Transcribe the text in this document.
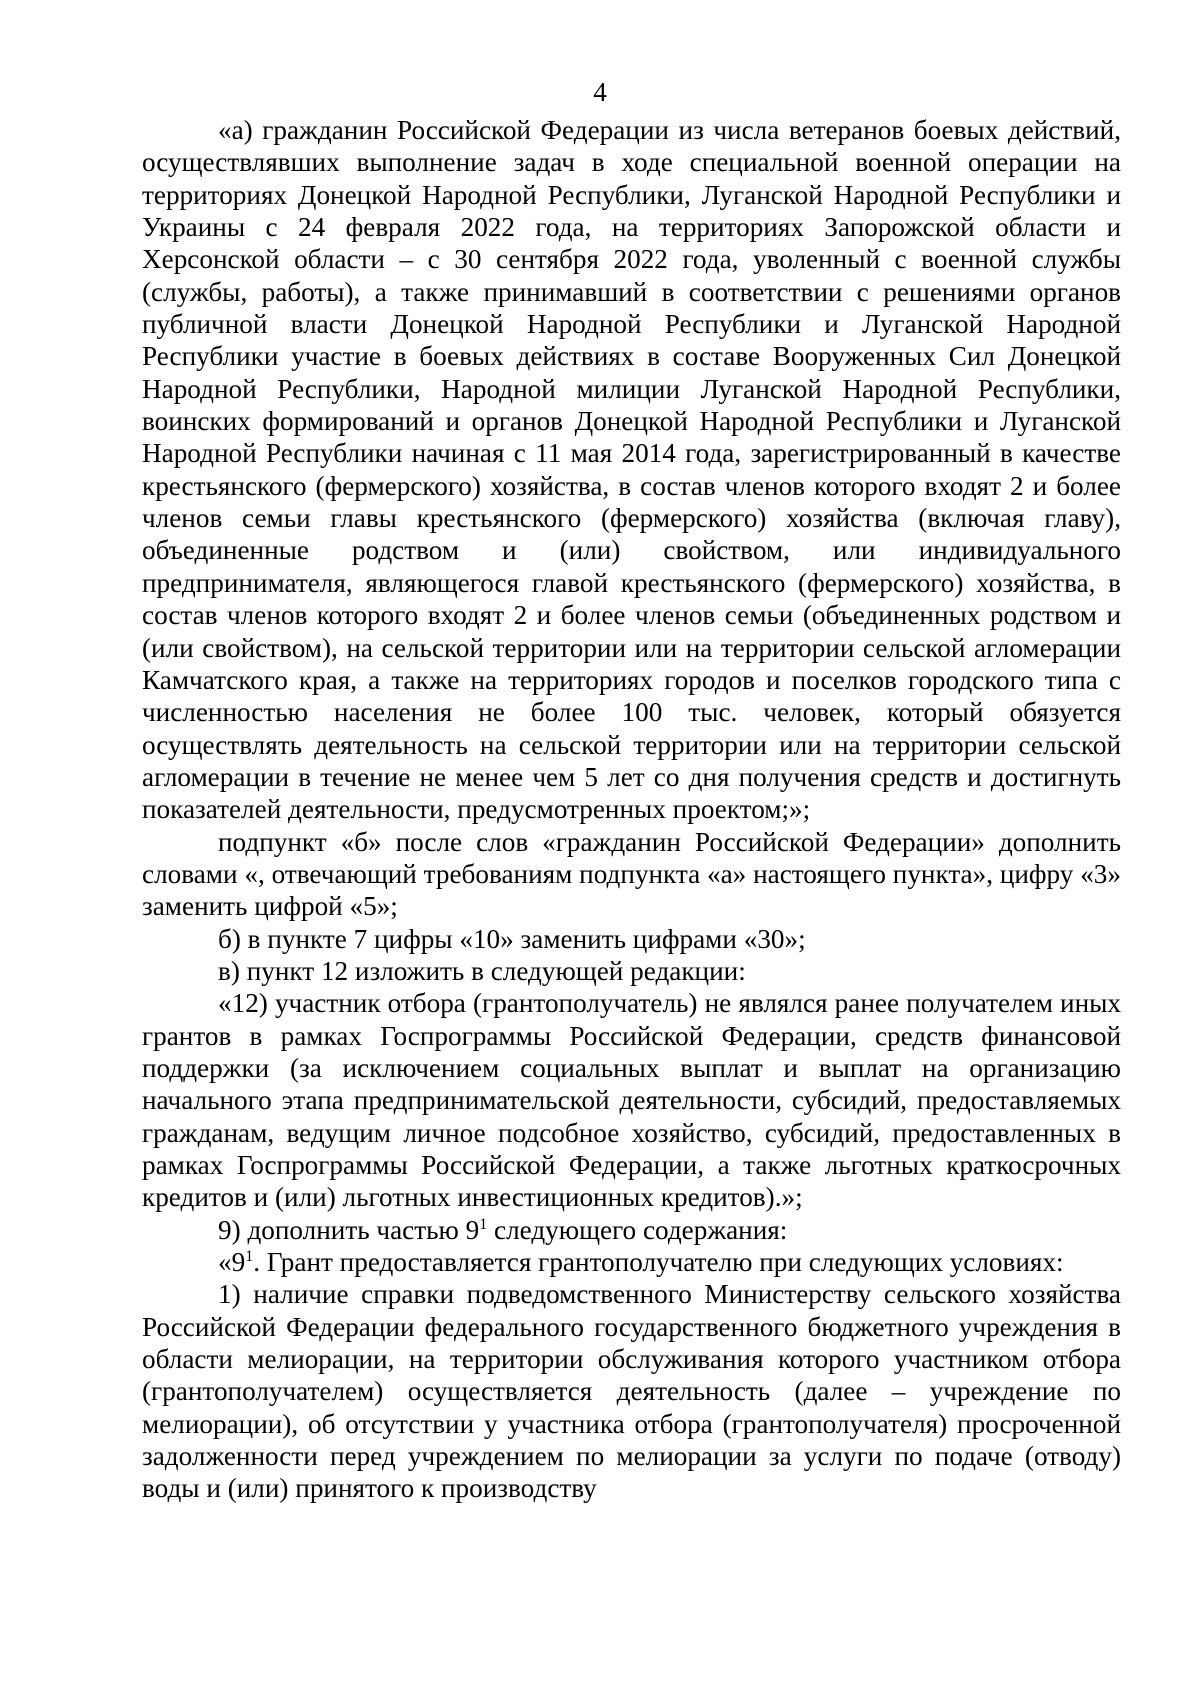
4

«а) гражданин Российской Федерации из числа ветеранов боевых действий, осуществлявших выполнение задач в ходе специальной военной операции на территориях Донецкой Народной Республики, Луганской Народной Республики и Украины с 24 февраля 2022 года, на территориях Запорожской области и Херсонской области – с 30 сентября 2022 года, уволенный с военной службы (службы, работы), а также принимавший в соответствии с решениями органов публичной власти Донецкой Народной Республики и Луганской Народной Республики участие в боевых действиях в составе Вооруженных Сил Донецкой Народной Республики, Народной милиции Луганской Народной Республики, воинских формирований и органов Донецкой Народной Республики и Луганской Народной Республики начиная с 11 мая 2014 года, зарегистрированный в качестве крестьянского (фермерского) хозяйства, в состав членов которого входят 2 и более членов семьи главы крестьянского (фермерского) хозяйства (включая главу), объединенные родством и (или) свойством, или индивидуального предпринимателя, являющегося главой крестьянского (фермерского) хозяйства, в состав членов которого входят 2 и более членов семьи (объединенных родством и (или свойством), на сельской территории или на территории сельской агломерации Камчатского края, а также на территориях городов и поселков городского типа с численностью населения не более 100 тыс. человек, который обязуется осуществлять деятельность на сельской территории или на территории сельской агломерации в течение не менее чем 5 лет со дня получения средств и достигнуть показателей деятельности, предусмотренных проектом;»;

подпункт «б» после слов «гражданин Российской Федерации» дополнить словами «, отвечающий требованиям подпункта «а» настоящего пункта», цифру «3» заменить цифрой «5»;

б) в пункте 7 цифры «10» заменить цифрами «30»;

в) пункт 12 изложить в следующей редакции:

«12) участник отбора (грантополучатель) не являлся ранее получателем иных грантов в рамках Госпрограммы Российской Федерации, средств финансовой поддержки (за исключением социальных выплат и выплат на организацию начального этапа предпринимательской деятельности, субсидий, предоставляемых гражданам, ведущим личное подсобное хозяйство, субсидий, предоставленных в рамках Госпрограммы Российской Федерации, а также льготных краткосрочных кредитов и (или) льготных инвестиционных кредитов).»;

9) дополнить частью $9^1$ следующего содержания:

«$9^1$. Грант предоставляется грантополучателю при следующих условиях:

1) наличие справки подведомственного Министерству сельского хозяйства Российской Федерации федерального государственного бюджетного учреждения в области мелиорации, на территории обслуживания которого участником отбора (грантополучателем) осуществляется деятельность (далее – учреждение по мелиорации), об отсутствии у участника отбора (грантополучателя) просроченной задолженности перед учреждением по мелиорации за услуги по подаче (отводу) воды и (или) принятого к производству
